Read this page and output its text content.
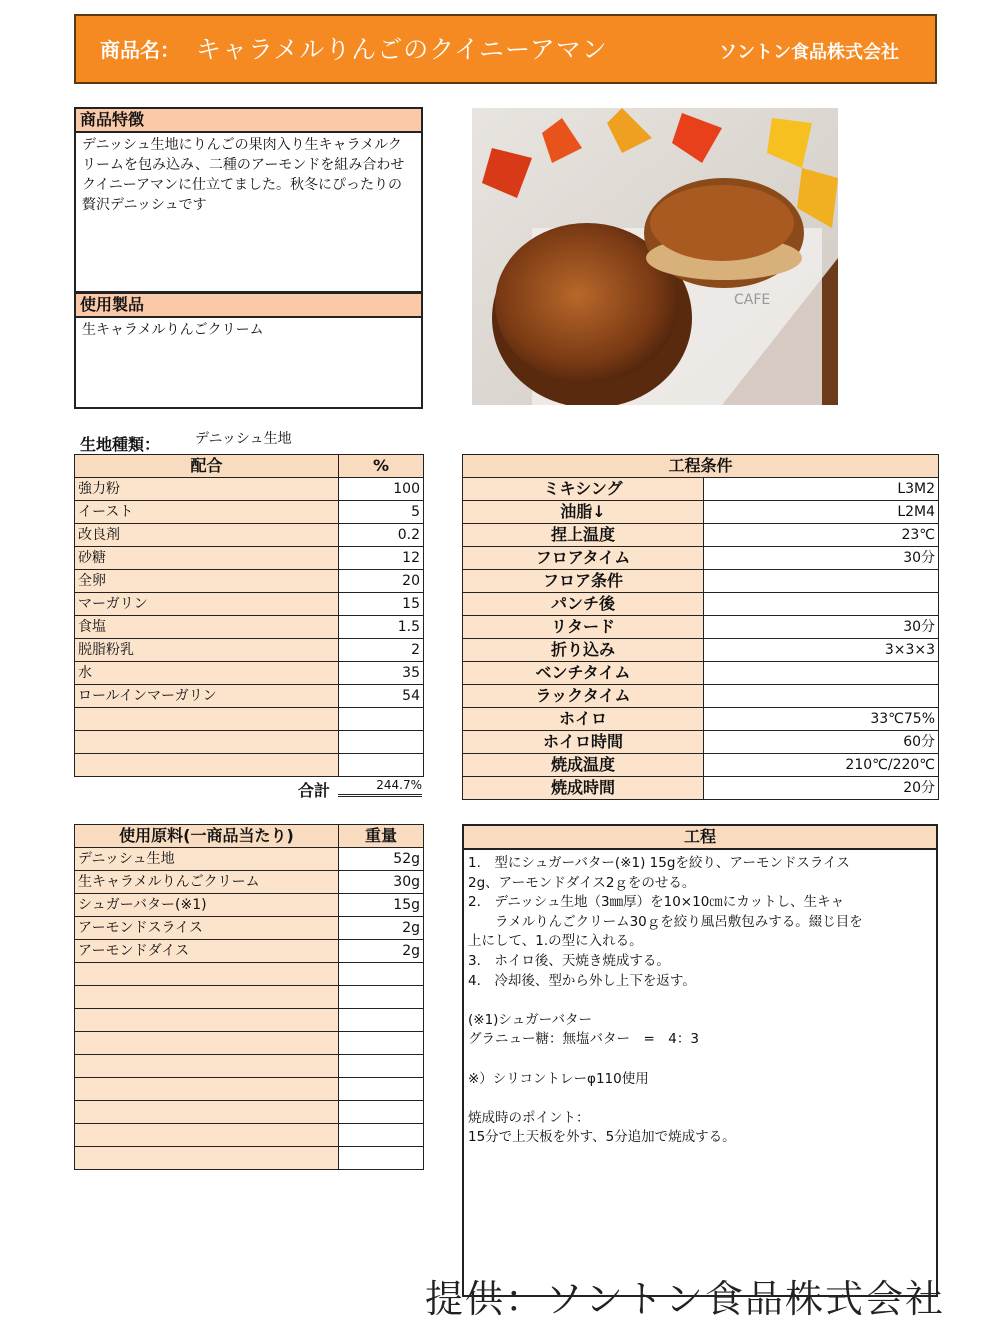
商品名： キャラメルりんごのクイニーアマン	ソントン食品株式会社
商品特徴
デニッシュ生地にりんごの果肉入り生キャラメルクリームを包み込み、二種のアーモンドを組み合わせクイニーアマンに仕立てました。秋冬にぴったりの贅沢デニッシュです
使用製品
生キャラメルりんごクリーム
CAFE
生地種類： デニッシュ生地
配合	%
強力粉	100
イースト	5
改良剤	0.2
砂糖	12
全卵	20
マーガリン	15
食塩	1.5
脱脂粉乳	2
水	35
ロールインマーガリン	54

合計	244.7%
工程条件	
ミキシング	L3M2
油脂↓	L2M4
捏上温度	23℃
フロアタイム	30分
フロア条件	
パンチ後	
リタード	30分
折り込み	3×3×3
ベンチタイム	
ラックタイム	
ホイロ	33℃75%
ホイロ時間	60分
焼成温度	210℃/220℃
焼成時間	20分
使用原料(一商品当たり)	重量
デニッシュ生地	52g
生キャラメルりんごクリーム	30g
シュガーバター(※1)	15g
アーモンドスライス	2g
アーモンドダイス	2g

工程
1.　型にシュガーバター(※1) 15gを絞り、アーモンドスライス
2g、アーモンドダイス2ｇをのせる。
2.　デニッシュ生地（3㎜厚）を10×10㎝にカットし、生キャ
　　ラメルりんごクリーム30ｇを絞り風呂敷包みする。綴じ目を
上にして、1.の型に入れる。
3.　ホイロ後、天焼き焼成する。
4.　冷却後、型から外し上下を返す。

(※1)シュガーバター
グラニュー糖：無塩バター　=　4：3

※）シリコントレーφ110使用

焼成時のポイント：
15分で上天板を外す、5分追加で焼成する。
提供：ソントン食品株式会社
